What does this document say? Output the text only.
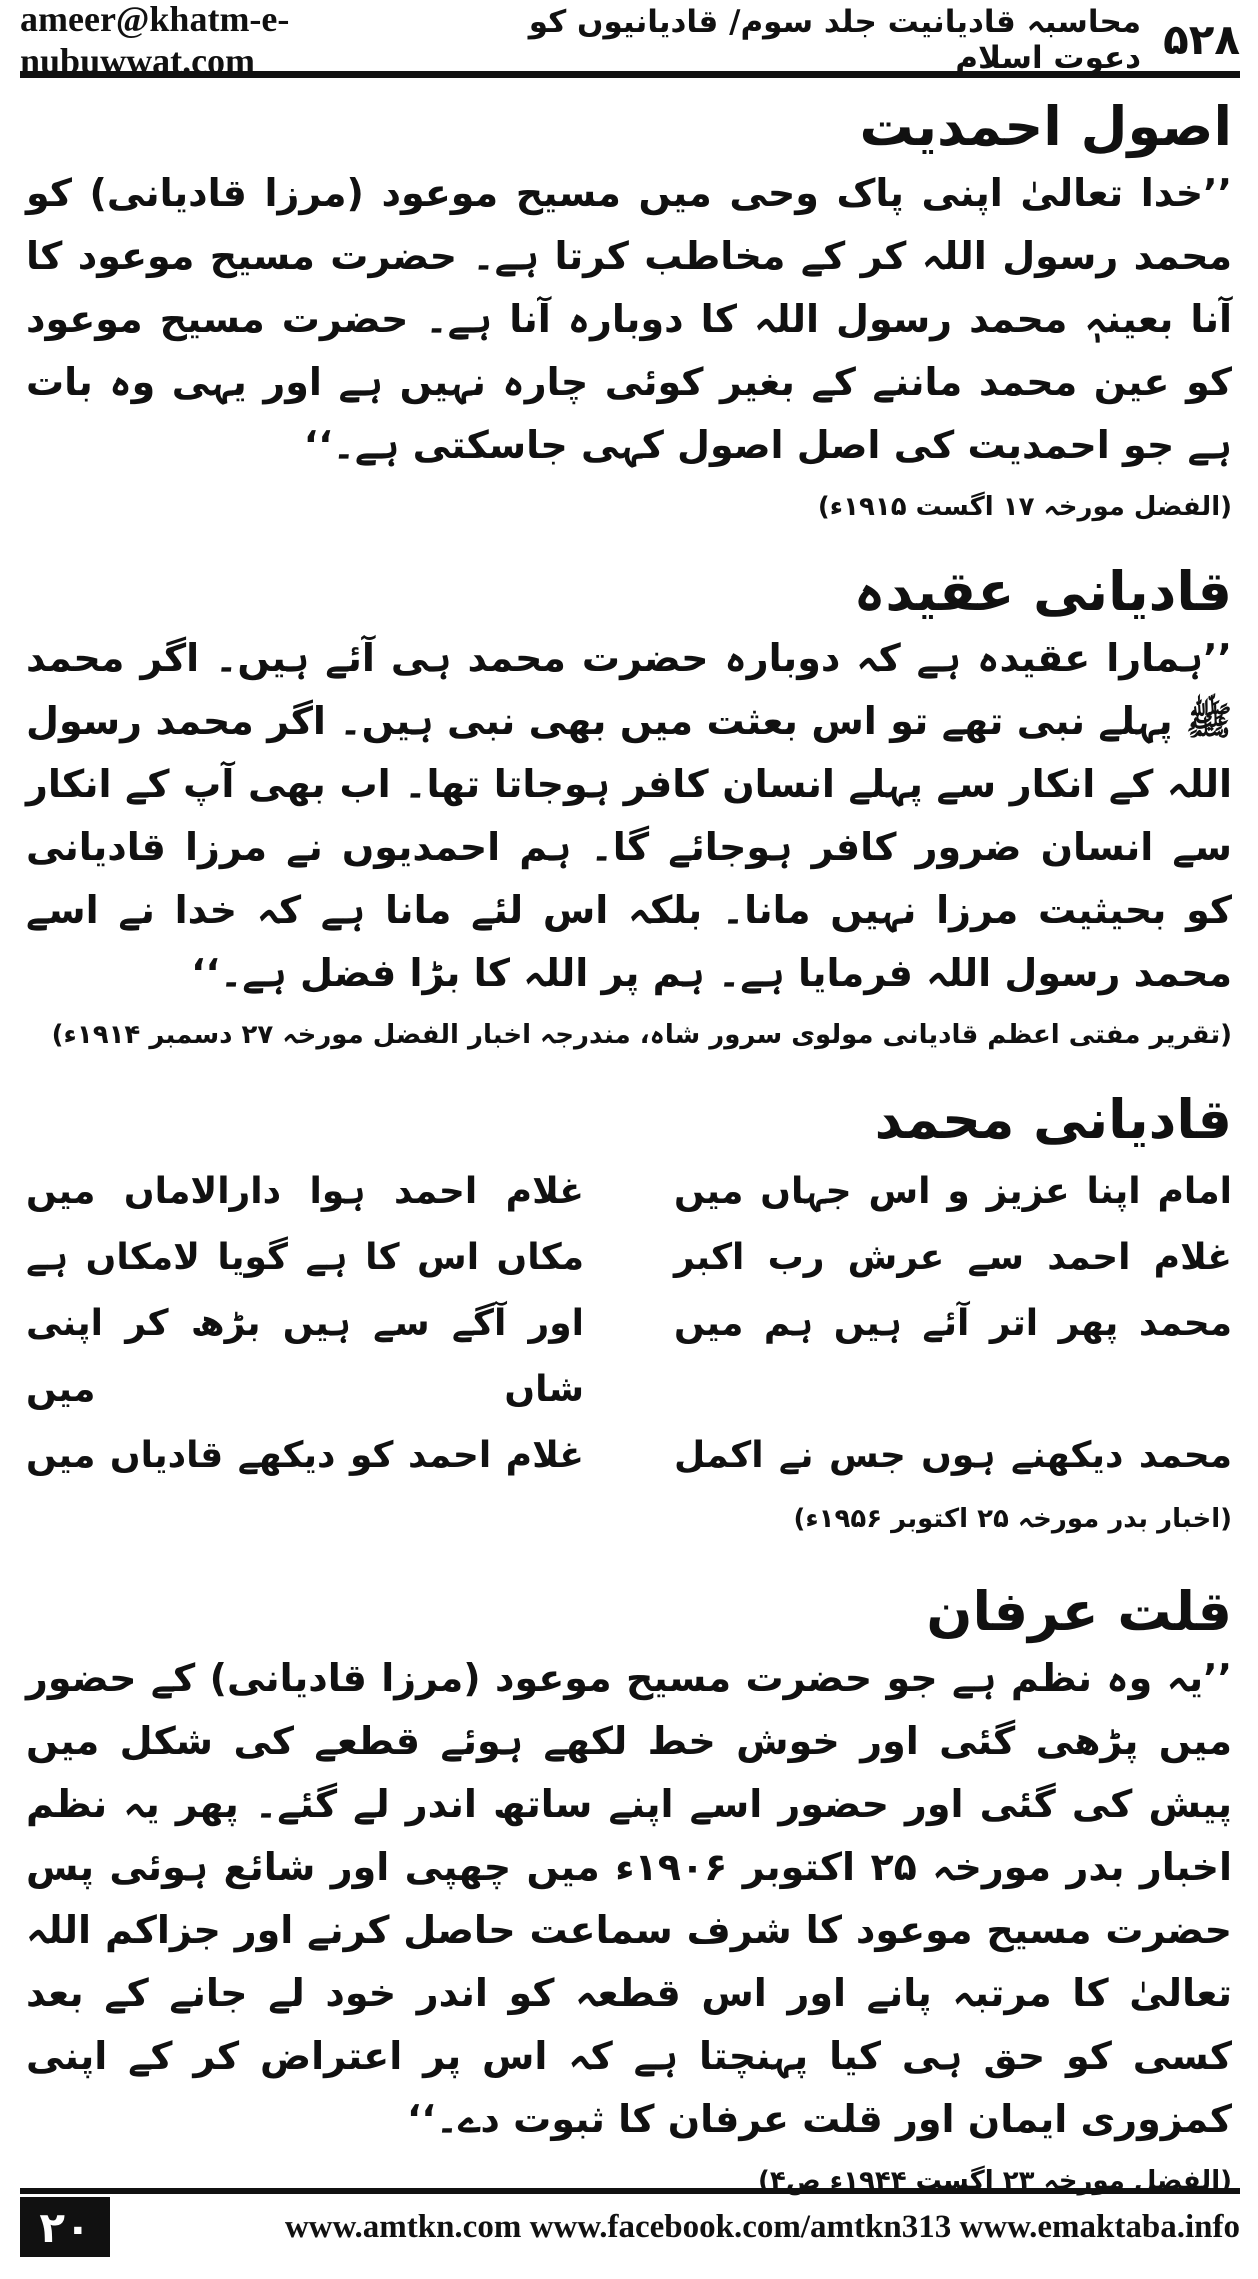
ameer@khatm-e-nubuwwat.com	۵۲۸
محاسبہ قادیانیت جلد سوم/ قادیانیوں کو دعوت اسلام
اصول احمدیت

’’خدا تعالیٰ اپنی پاک وحی میں مسیح موعود (مرزا قادیانی) کو محمد رسول اللہ کر کے مخاطب کرتا ہے۔ حضرت مسیح موعود کا آنا بعینہٖ محمد رسول اللہ کا دوبارہ آنا ہے۔ حضرت مسیح موعود کو عین محمد ماننے کے بغیر کوئی چارہ نہیں ہے اور یہی وہ بات ہے جو احمدیت کی اصل اصول کہی جاسکتی ہے۔‘‘

(الفضل مورخہ ۱۷ اگست ۱۹۱۵ء)

قادیانی عقیدہ

’’ہمارا عقیدہ ہے کہ دوبارہ حضرت محمد ہی آئے ہیں۔ اگر محمد ﷺ پہلے نبی تھے تو اس بعثت میں بھی نبی ہیں۔ اگر محمد رسول اللہ کے انکار سے پہلے انسان کافر ہوجاتا تھا۔ اب بھی آپ کے انکار سے انسان ضرور کافر ہوجائے گا۔ ہم احمدیوں نے مرزا قادیانی کو بحیثیت مرزا نہیں مانا۔ بلکہ اس لئے مانا ہے کہ خدا نے اسے محمد رسول اللہ فرمایا ہے۔ ہم پر اللہ کا بڑا فضل ہے۔‘‘

(تقریر مفتی اعظم قادیانی مولوی سرور شاہ، مندرجہ اخبار الفضل مورخہ ۲۷ دسمبر ۱۹۱۴ء)

قادیانی محمد
امام اپنا عزیز و اس جہاں میں
غلام احمد ہوا دارالاماں میں
غلام احمد سے عرش رب اکبر
مکاں اس کا ہے گویا لامکاں ہے
محمد پھر اتر آئے ہیں ہم میں
اور آگے سے ہیں بڑھ کر اپنی شاں میں
محمد دیکھنے ہوں جس نے اکمل
غلام احمد کو دیکھے قادیاں میں

(اخبار بدر مورخہ ۲۵ اکتوبر ۱۹۵۶ء)

قلت عرفان

’’یہ وہ نظم ہے جو حضرت مسیح موعود (مرزا قادیانی) کے حضور میں پڑھی گئی اور خوش خط لکھے ہوئے قطعے کی شکل میں پیش کی گئی اور حضور اسے اپنے ساتھ اندر لے گئے۔ پھر یہ نظم اخبار بدر مورخہ ۲۵ اکتوبر ۱۹۰۶ء میں چھپی اور شائع ہوئی پس حضرت مسیح موعود کا شرف سماعت حاصل کرنے اور جزاکم اللہ تعالیٰ کا مرتبہ پانے اور اس قطعہ کو اندر خود لے جانے کے بعد کسی کو حق ہی کیا پہنچتا ہے کہ اس پر اعتراض کر کے اپنی کمزوری ایمان اور قلت عرفان کا ثبوت دے۔‘‘

(الفضل مورخہ ۲۳ اگست ۱۹۴۴ء ص۴)

۲۰	www.amtkn.com www.facebook.com/amtkn313 www.emaktaba.info
